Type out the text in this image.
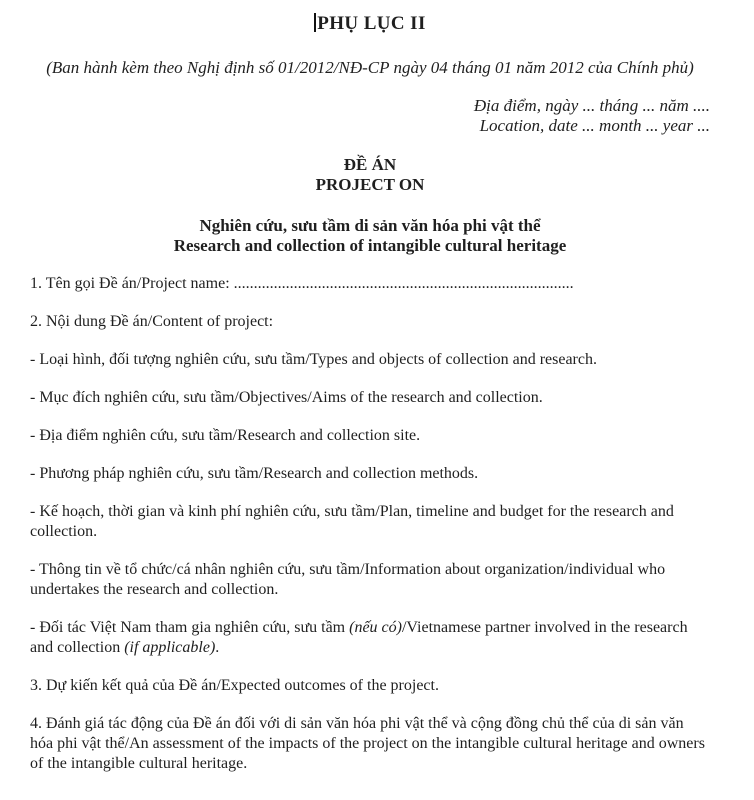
PHỤ LỤC II

(Ban hành kèm theo Nghị định số 01/2012/NĐ-CP ngày 04 tháng 01 năm 2012 của Chính phủ)

Địa điểm, ngày ... tháng ... năm ....
Location, date ... month ... year ...
ĐỀ ÁN
PROJECT ON
Nghiên cứu, sưu tầm di sản văn hóa phi vật thể
Research and collection of intangible cultural heritage

1. Tên gọi Đề án/Project name: .....................................................................................

2. Nội dung Đề án/Content of project:

- Loại hình, đối tượng nghiên cứu, sưu tầm/Types and objects of collection and research.

- Mục đích nghiên cứu, sưu tầm/Objectives/Aims of the research and collection.

- Địa điểm nghiên cứu, sưu tầm/Research and collection site.

- Phương pháp nghiên cứu, sưu tầm/Research and collection methods.

- Kế hoạch, thời gian và kinh phí nghiên cứu, sưu tầm/Plan, timeline and budget for the research and collection.

- Thông tin về tổ chức/cá nhân nghiên cứu, sưu tầm/Information about organization/individual who undertakes the research and collection.

- Đối tác Việt Nam tham gia nghiên cứu, sưu tầm (nếu có)/Vietnamese partner involved in the research and collection (if applicable).

3. Dự kiến kết quả của Đề án/Expected outcomes of the project.

4. Đánh giá tác động của Đề án đối với di sản văn hóa phi vật thể và cộng đồng chủ thể của di sản văn hóa phi vật thể/An assessment of the impacts of the project on the intangible cultural heritage and owners of the intangible cultural heritage.
